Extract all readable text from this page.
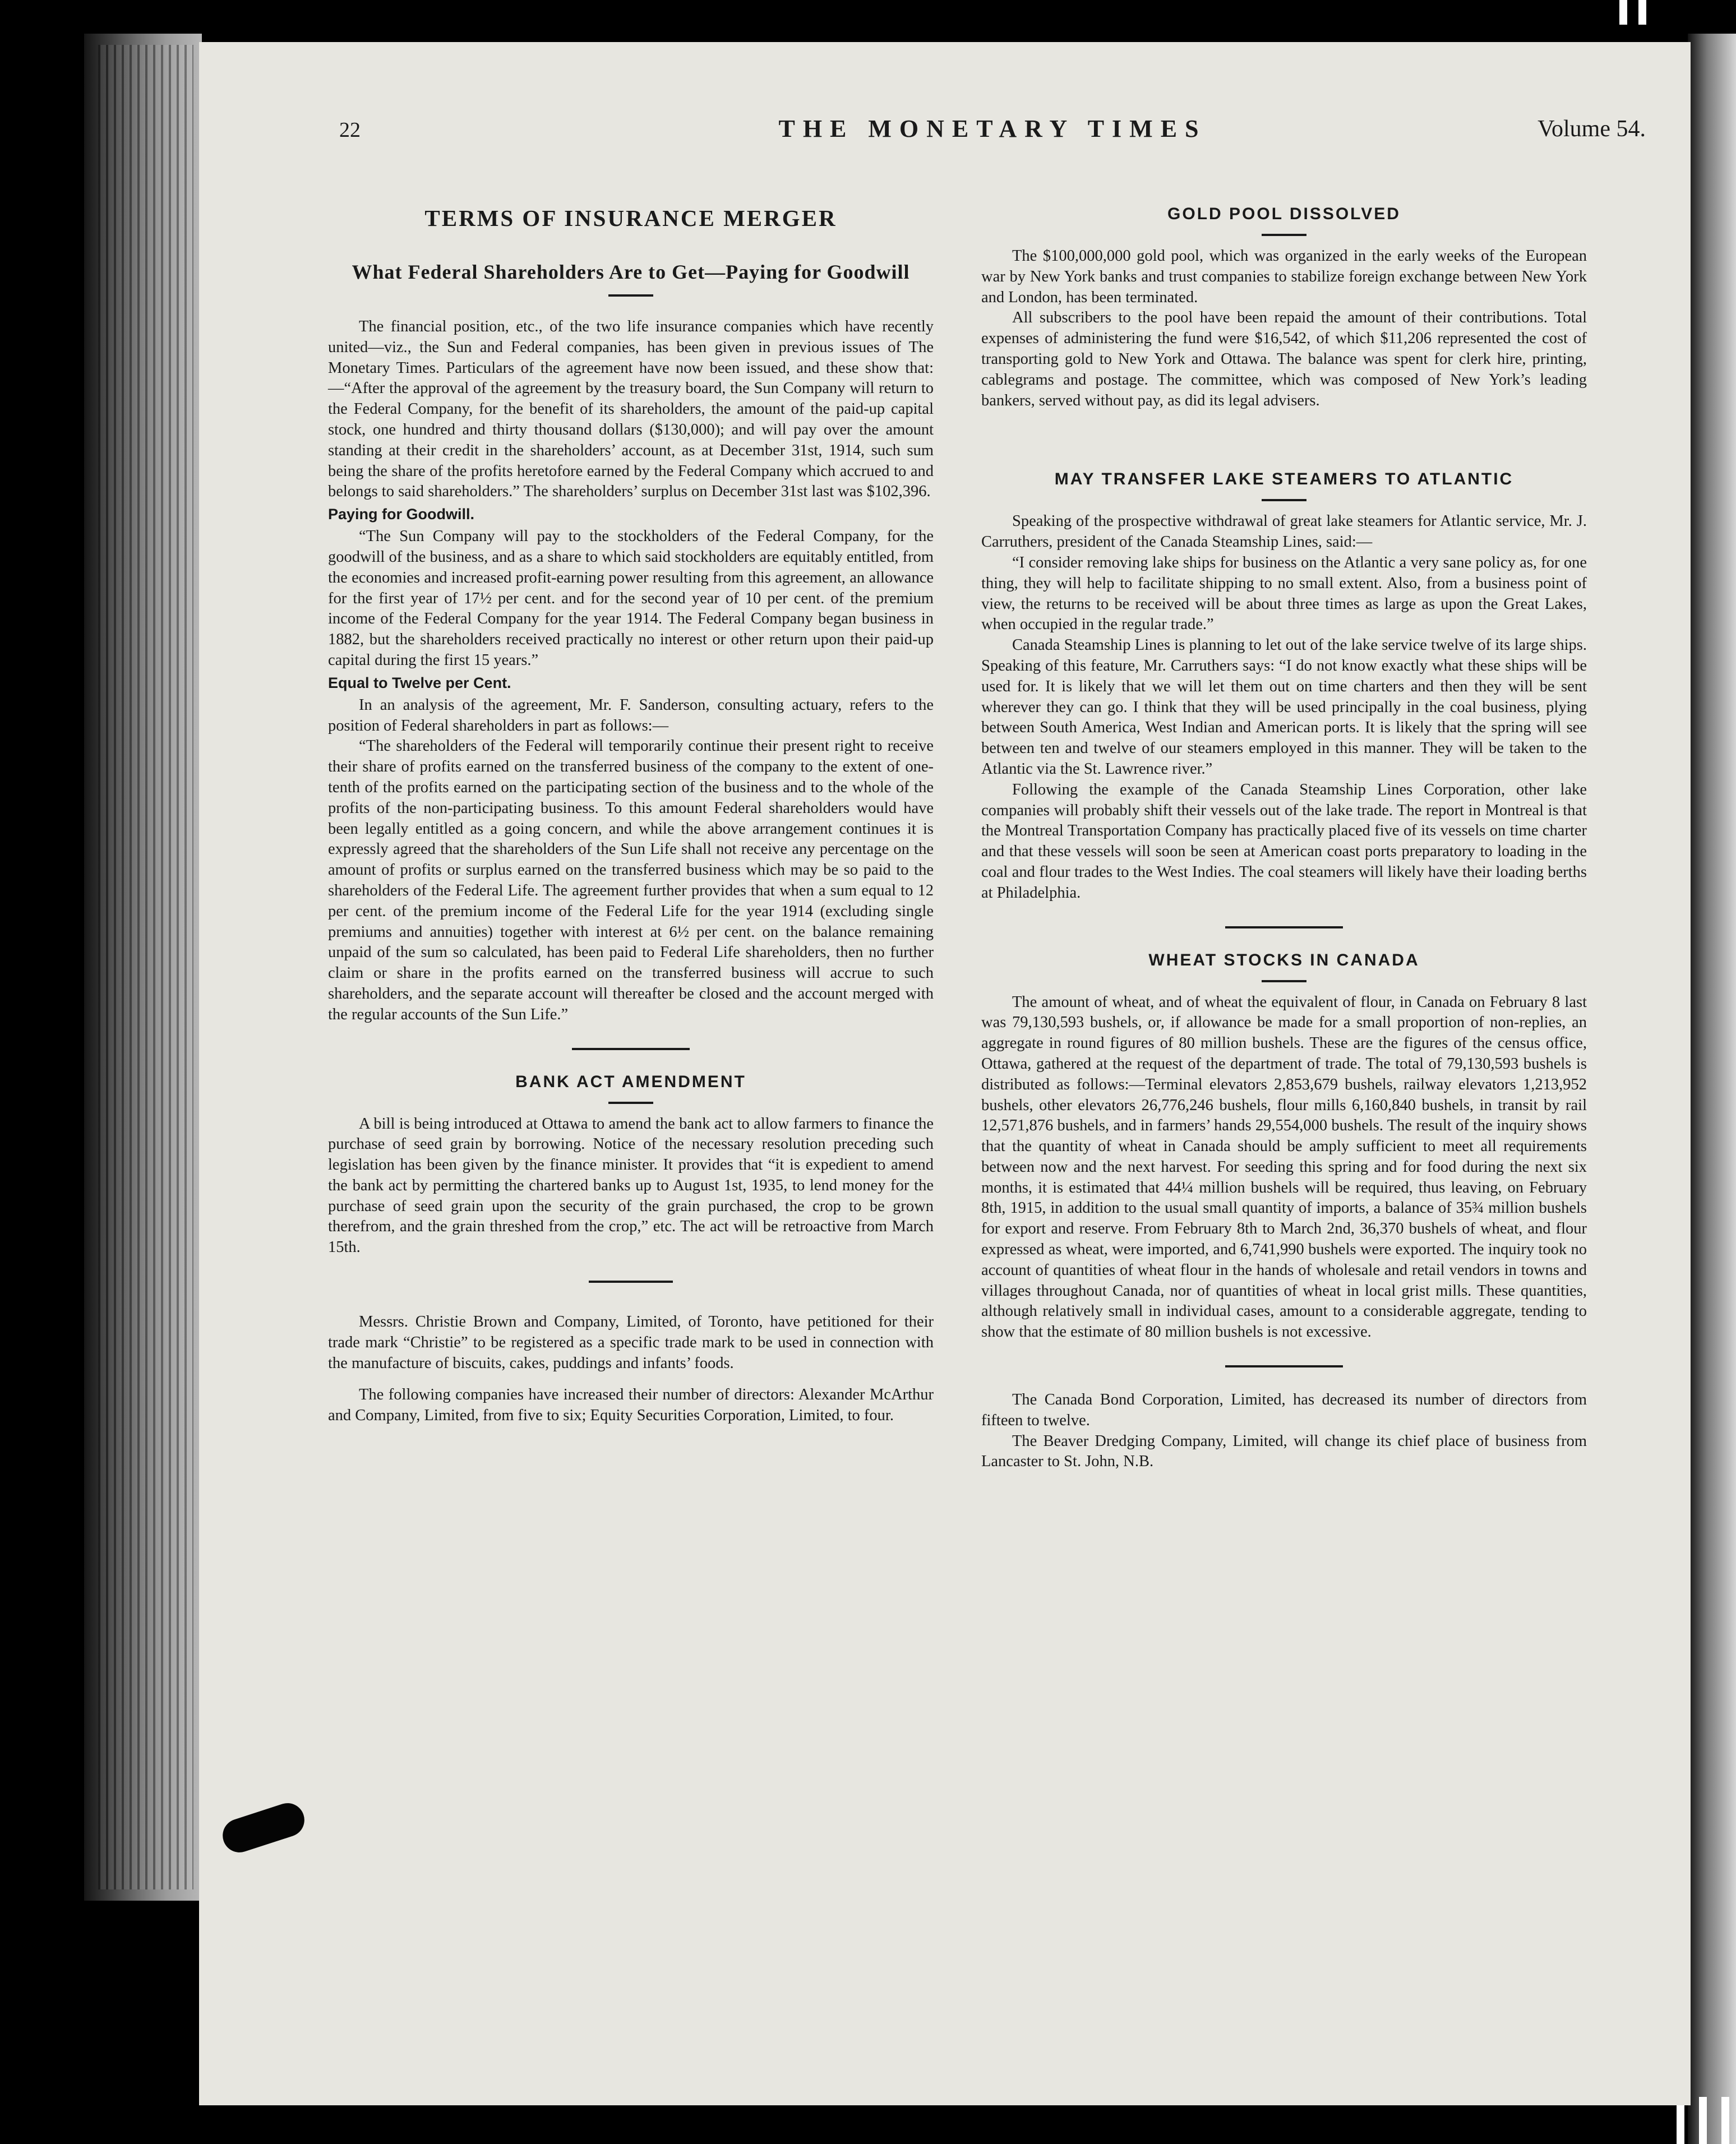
22	THE MONETARY TIMES	Volume 54.
TERMS OF INSURANCE MERGER
What Federal Shareholders Are to Get—Paying for Goodwill

The financial position, etc., of the two life insurance companies which have recently united—viz., the Sun and Federal companies, has been given in previous issues of The Monetary Times. Particulars of the agreement have now been issued, and these show that:—“After the approval of the agreement by the treasury board, the Sun Company will return to the Federal Company, for the benefit of its shareholders, the amount of the paid-up capital stock, one hundred and thirty thousand dollars ($130,000); and will pay over the amount standing at their credit in the shareholders’ account, as at December 31st, 1914, such sum being the share of the profits heretofore earned by the Federal Company which accrued to and belongs to said shareholders.” The shareholders’ surplus on December 31st last was $102,396.

Paying for Goodwill.

“The Sun Company will pay to the stockholders of the Federal Company, for the goodwill of the business, and as a share to which said stockholders are equitably entitled, from the economies and increased profit-earning power resulting from this agreement, an allowance for the first year of 17½ per cent. and for the second year of 10 per cent. of the premium income of the Federal Company for the year 1914. The Federal Company began business in 1882, but the shareholders received practically no interest or other return upon their paid-up capital during the first 15 years.”

Equal to Twelve per Cent.

In an analysis of the agreement, Mr. F. Sanderson, consulting actuary, refers to the position of Federal shareholders in part as follows:—

“The shareholders of the Federal will temporarily continue their present right to receive their share of profits earned on the transferred business of the company to the extent of one-tenth of the profits earned on the participating section of the business and to the whole of the profits of the non-participating business. To this amount Federal shareholders would have been legally entitled as a going concern, and while the above arrangement continues it is expressly agreed that the shareholders of the Sun Life shall not receive any percentage on the amount of profits or surplus earned on the transferred business which may be so paid to the shareholders of the Federal Life. The agreement further provides that when a sum equal to 12 per cent. of the premium income of the Federal Life for the year 1914 (excluding single premiums and annuities) together with interest at 6½ per cent. on the balance remaining unpaid of the sum so calculated, has been paid to Federal Life shareholders, then no further claim or share in the profits earned on the transferred business will accrue to such shareholders, and the separate account will thereafter be closed and the account merged with the regular accounts of the Sun Life.”

BANK ACT AMENDMENT

A bill is being introduced at Ottawa to amend the bank act to allow farmers to finance the purchase of seed grain by borrowing. Notice of the necessary resolution preceding such legislation has been given by the finance minister. It provides that “it is expedient to amend the bank act by permitting the chartered banks up to August 1st, 1935, to lend money for the purchase of seed grain upon the security of the grain purchased, the crop to be grown therefrom, and the grain threshed from the crop,” etc. The act will be retroactive from March 15th.

Messrs. Christie Brown and Company, Limited, of Toronto, have petitioned for their trade mark “Christie” to be registered as a specific trade mark to be used in connection with the manufacture of biscuits, cakes, puddings and infants’ foods.

The following companies have increased their number of directors: Alexander McArthur and Company, Limited, from five to six; Equity Securities Corporation, Limited, to four.

GOLD POOL DISSOLVED

The $100,000,000 gold pool, which was organized in the early weeks of the European war by New York banks and trust companies to stabilize foreign exchange between New York and London, has been terminated.

All subscribers to the pool have been repaid the amount of their contributions. Total expenses of administering the fund were $16,542, of which $11,206 represented the cost of transporting gold to New York and Ottawa. The balance was spent for clerk hire, printing, cablegrams and postage. The committee, which was composed of New York’s leading bankers, served without pay, as did its legal advisers.

MAY TRANSFER LAKE STEAMERS TO ATLANTIC

Speaking of the prospective withdrawal of great lake steamers for Atlantic service, Mr. J. Carruthers, president of the Canada Steamship Lines, said:—

“I consider removing lake ships for business on the Atlantic a very sane policy as, for one thing, they will help to facilitate shipping to no small extent. Also, from a business point of view, the returns to be received will be about three times as large as upon the Great Lakes, when occupied in the regular trade.”

Canada Steamship Lines is planning to let out of the lake service twelve of its large ships. Speaking of this feature, Mr. Carruthers says: “I do not know exactly what these ships will be used for. It is likely that we will let them out on time charters and then they will be sent wherever they can go. I think that they will be used principally in the coal business, plying between South America, West Indian and American ports. It is likely that the spring will see between ten and twelve of our steamers employed in this manner. They will be taken to the Atlantic via the St. Lawrence river.”

Following the example of the Canada Steamship Lines Corporation, other lake companies will probably shift their vessels out of the lake trade. The report in Montreal is that the Montreal Transportation Company has practically placed five of its vessels on time charter and that these vessels will soon be seen at American coast ports preparatory to loading in the coal and flour trades to the West Indies. The coal steamers will likely have their loading berths at Philadelphia.

WHEAT STOCKS IN CANADA

The amount of wheat, and of wheat the equivalent of flour, in Canada on February 8 last was 79,130,593 bushels, or, if allowance be made for a small proportion of non-replies, an aggregate in round figures of 80 million bushels. These are the figures of the census office, Ottawa, gathered at the request of the department of trade. The total of 79,130,593 bushels is distributed as follows:—Terminal elevators 2,853,679 bushels, railway elevators 1,213,952 bushels, other elevators 26,776,246 bushels, flour mills 6,160,840 bushels, in transit by rail 12,571,876 bushels, and in farmers’ hands 29,554,000 bushels. The result of the inquiry shows that the quantity of wheat in Canada should be amply sufficient to meet all requirements between now and the next harvest. For seeding this spring and for food during the next six months, it is estimated that 44¼ million bushels will be required, thus leaving, on February 8th, 1915, in addition to the usual small quantity of imports, a balance of 35¾ million bushels for export and reserve. From February 8th to March 2nd, 36,370 bushels of wheat, and flour expressed as wheat, were imported, and 6,741,990 bushels were exported. The inquiry took no account of quantities of wheat flour in the hands of wholesale and retail vendors in towns and villages throughout Canada, nor of quantities of wheat in local grist mills. These quantities, although relatively small in individual cases, amount to a considerable aggregate, tending to show that the estimate of 80 million bushels is not excessive.

The Canada Bond Corporation, Limited, has decreased its number of directors from fifteen to twelve.

The Beaver Dredging Company, Limited, will change its chief place of business from Lancaster to St. John, N.B.
